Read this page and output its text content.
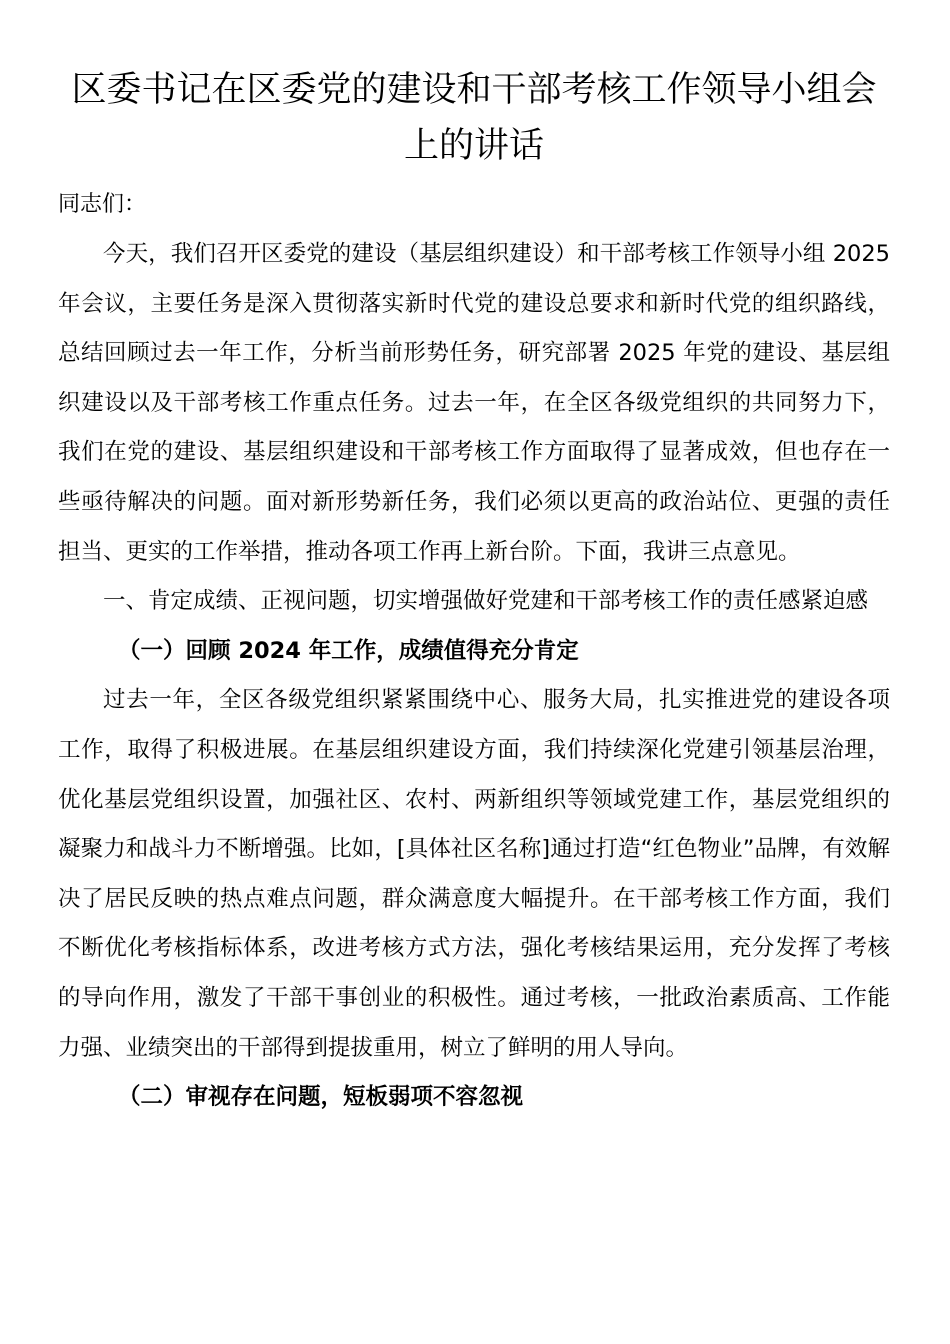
区委书记在区委党的建设和干部考核工作领导小组会上的讲话

同志们：

今天，我们召开区委党的建设（基层组织建设）和干部考核工作领导小组 2025 年会议，主要任务是深入贯彻落实新时代党的建设总要求和新时代党的组织路线，总结回顾过去一年工作，分析当前形势任务，研究部署 2025 年党的建设、基层组织建设以及干部考核工作重点任务。过去一年，在全区各级党组织的共同努力下，我们在党的建设、基层组织建设和干部考核工作方面取得了显著成效，但也存在一些亟待解决的问题。面对新形势新任务，我们必须以更高的政治站位、更强的责任担当、更实的工作举措，推动各项工作再上新台阶。下面，我讲三点意见。

一、肯定成绩、正视问题，切实增强做好党建和干部考核工作的责任感紧迫感

（一）回顾 2024 年工作，成绩值得充分肯定

过去一年，全区各级党组织紧紧围绕中心、服务大局，扎实推进党的建设各项工作，取得了积极进展。在基层组织建设方面，我们持续深化党建引领基层治理，优化基层党组织设置，加强社区、农村、两新组织等领域党建工作，基层党组织的凝聚力和战斗力不断增强。比如，[具体社区名称]通过打造“红色物业”品牌，有效解决了居民反映的热点难点问题，群众满意度大幅提升。在干部考核工作方面，我们不断优化考核指标体系，改进考核方式方法，强化考核结果运用，充分发挥了考核的导向作用，激发了干部干事创业的积极性。通过考核，一批政治素质高、工作能力强、业绩突出的干部得到提拔重用，树立了鲜明的用人导向。

（二）审视存在问题，短板弱项不容忽视
